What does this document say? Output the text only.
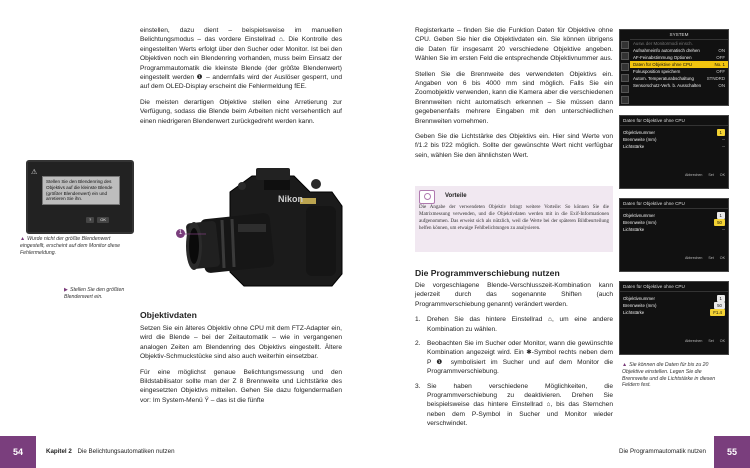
⚠
Stellen Sie den Blendenring des Objektivs auf die kleinste Blende (größter Blendenwert) ein und arretieren Sie ihn.
?	OK
▲ Wurde nicht der größte Blendenwert eingestellt, erscheint auf dem Monitor diese Fehlermeldung.
▶ Stellen Sie den größten Blendenwert ein.

einstellen, dazu dient – beispielsweise im manuellen Belichtungsmodus – das vordere Einstellrad ⌂. Die Kontrolle des eingestellten Werts erfolgt über den Sucher oder Monitor. Ist bei den Objektiven noch ein Blendenring vorhanden, muss beim Einsatz der Programmautomatik die kleinste Blende (der größte Blendenwert) eingestellt werden ❶ – andernfalls wird der Auslöser gesperrt, und auf dem OLED-Display erscheint die Fehlermeldung fEE.

Die meisten derartigen Objektive stellen eine Arretierung zur Verfügung, sodass die Blende beim Arbeiten nicht versehentlich auf einen niedrigeren Blendenwert zurückgedreht werden kann.

Nikon
1
Objektivdaten

Setzen Sie ein älteres Objektiv ohne CPU mit dem FTZ-Adapter ein, wird die Blende – bei der Zeitautomatik – wie in vergangenen analogen Zeiten am Blendenring des Objektivs eingestellt. Ältere Objektiv-Schmuckstücke sind also auch weiterhin einsetzbar.

Für eine möglichst genaue Belichtungsmessung und den Bildstabilisator sollte man der Z 8 Brennweite und Lichtstärke des eingesetzten Objektivs mitteilen. Gehen Sie dazu folgendermaßen vor: Im System-Menü Ÿ – das ist die fünfte

Registerkarte – finden Sie die Funktion Daten für Objektive ohne CPU. Geben Sie hier die Objektivdaten ein. Sie können übrigens die Daten für insgesamt 20 verschiedene Objektive angeben. Wählen Sie im ersten Feld die entsprechende Objektivnummer aus.

Stellen Sie die Brennweite des verwendeten Objektivs ein. Angaben von 6 bis 4000 mm sind möglich. Falls Sie ein Zoomobjektiv verwenden, kann die Kamera aber die verschiedenen Brennweiten nicht automatisch erkennen – Sie müssen dann gegebenenfalls mehrere Eingaben mit den unterschiedlichen Brennweiten vornehmen.

Geben Sie die Lichtstärke des Objektivs ein. Hier sind Werte von f/1.2 bis f/22 möglich. Sollte der gewünschte Wert nicht verfügbar sein, wählen Sie den ähnlichsten Wert.

Vorteile
Die Angabe der verwendeten Objektiv bringt weitere Vorteile: So können Sie die Matrixmessung verwenden, und die Objektivdaten werden mit in die Exif-Informationen aufgenommen. Das erweist sich als nützlich, weil die Werte bei der späteren Bildbeurteilung helfen können, um etwaige Fehlbelichtungen zu analysieren.
Die Programmverschiebung nutzen

Die vorgeschlagene Blende-Verschlusszeit-Kombination kann jederzeit durch das sogenannte Shiften (auch Programmverschiebung genannt) verändert werden.

1. Drehen Sie das hintere Einstellrad ⌂, um eine andere Kombination zu wählen.
2. Beobachten Sie im Sucher oder Monitor, wann die gewünschte Kombination angezeigt wird. Ein ✱-Symbol rechts neben dem P ❶ symbolisiert im Sucher und auf dem Monitor die Programmverschiebung.
3. Sie haben verschiedene Möglichkeiten, die Programmverschiebung zu deaktivieren. Drehen Sie beispielsweise das hintere Einstellrad ⌂, bis das Sternchen neben dem P-Symbol in Sucher und Monitor wieder verschwindet.
SYSTEM
Ausw. der Monitormodi einsch.
Aufnahmeinfo automatisch drehen	ON
AF-Feinabstimmung Optionen	OFF
Daten für Objektive ohne CPU	No. 1
Fokusposition speichern	OFF
Autom. Temperaturabschaltung	STNDRD
Sensorschutz-Verh. b. Ausschalten	ON
Daten für Objektive ohne CPU
Objektivnummer	1
Brennweite (mm)	--
Lichtstärke	--
Abbrechen Set OK
Daten für Objektive ohne CPU
Objektivnummer	1
Brennweite (mm)	50
Lichtstärke	--
Abbrechen Set OK
Daten für Objektive ohne CPU
Objektivnummer	1
Brennweite (mm)	50
Lichtstärke	F1.4
Abbrechen Set OK
▲ Sie können die Daten für bis zu 20 Objektive einstellen. Legen Sie die Brennweite und die Lichtstärke in diesen Feldern fest.
54	Kapitel 2 Die Belichtungsautomatiken nutzen	Die Programmautomatik nutzen	55
